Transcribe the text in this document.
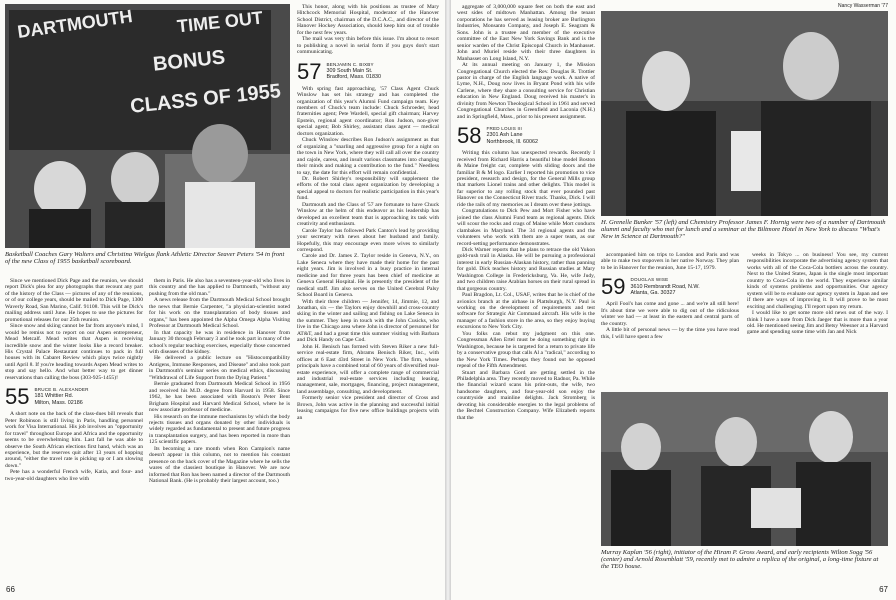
DARTMOUTH TIME OUT
BONUS
CLASS OF 1955
Basketball Coaches Gary Walters and Christina Wielgus flank Athletic Director Seaver Peters '54 in front of the new Class of 1955 basketball scoreboard.

Since we mentioned Dick Page and the reunion, we should report Dick's plea for any photographs that recount any part of the history of the Class — pictures of any of the reunions, or of our college years, should be mailed to Dick Page, 1300 Waverly Road, San Marino, Calif. 91108. This will be Dick's mailing address until June. He hopes to use the pictures for promotional releases for our 25th reunion.

Since snow and skiing cannot be far from anyone's mind, I would be remiss not to report on our Aspen entrepreneur, Mead Metcalf. Mead writes that Aspen is receiving incredible snow and the winter looks like a record breaker. His Crystal Palace Restaurant continues to pack in full houses with its Cabaret Review which plays twice nightly until April 8. If you're heading towards Aspen Mead writes to stop and say hello. And what better way to get dinner reservations than calling the boss (303-925-1455)!

55 BRUCE B. ALEXANDER
181 Whittier Rd.
Milton, Mass. 02186

A short note on the back of the class-dues bill reveals that Peter Robinson is still living in Paris, handling personnel work for Visa International. His job involves an "opportunity for travel" throughout Europe and Africa and the opportunity seems to be overwhelming him. Last fall he was able to observe the South African elections first hand, which was an experience, but the reserves quit after 13 years of hopping around, "either the travel rate is picking up or I am slowing down."

Pete has a wonderful French wife, Katia, and four- and two-year-old daughters who live with

them in Paris. He also has a seventeen-year-old who lives in this country and the has applied to Dartmouth, "without any pushing from the old man."

A news release from the Dartmouth Medical School brought the news that Bernie Carpenter, "a physician-scientist noted for his work on the transplantation of body tissues and organs," has been appointed the Alpha Omega Alpha Visiting Professor at Dartmouth Medical School.

In that capacity he was in residence in Hanover from January 30 through February 3 and he took part in many of the school's regular teaching exercises, especially those concerned with diseases of the kidney.

He delivered a public lecture on "Histocompatibility Antigens, Immune Responses, and Disease" and also took part in Dartmouth's seminar series on medical ethics, discussing "Withdrawal of Life Support from the Dying Patient."

Bernie graduated from Dartmouth Medical School in 1956 and received his M.D. degree from Harvard in 1958. Since 1962, he has been associated with Boston's Peter Bent Brigham Hospital and Harvard Medical School, where he is now associate professor of medicine.

His research on the immune mechanisms by which the body rejects tissues and organs donated by other individuals is widely regarded as fundamental to present and future progress in transplantation surgery, and has been reported in more than 125 scientific papers.

Its becoming a rare month when Ron Campion's name doesn't appear in this column, not to mention his constant presence on the back cover of the Magazine where he sells the wares of the classiest boutique in Hanover. We are now informed that Ron has been named a director of the Dartmouth National Bank. (He is probably their largest account, too.)

This honor, along with his positions as trustee of Mary Hitchcock Memorial Hospital, moderator of the Hanover School District, chairman of the D.C.A.C., and director of the Hanover Hockey Association, should keep him out of trouble for the next few years.

The mail was very thin before this issue. I'm about to resort to publishing a novel in serial form if you guys don't start communicating.

57 BENJAMIN C. BIXBY
309 South Main St.
Bradford, Mass. 01830

With spring fast approaching, '57 Class Agent Chuck Winslow has set his strategy and has completed the organization of this year's Alumni Fund campaign team. Key members of Chuck's team include: Chuck Schroeder, head fraternities agent; Pete Wardell, special gift chairman; Harvey Epstein, regional agent coordinator; Ron Judson, non-giver special agent; Bob Shirley, assistant class agent — medical doctors organization.

Chuck Winslow describes Ron Judson's assignment as that of organizing a "snarling and aggressive group for a night on the town in New York, where they will call all over the country and cajole, caress, and insult various classmates into changing their minds and making a contribution to the fund." Needless to say, the date for this effort will remain confidential.

Dr. Robert Shirley's responsibility will supplement the efforts of the total class agent organization by developing a special appeal to doctors for realistic participation in this year's fund.

Dartmouth and the Class of '57 are fortunate to have Chuck Winslow at the helm of this endeavor as his leadership has developed an excellent team that is approaching its task with creativity and enthusiasm.

Carole Taylor has followed Park Canton's lead by providing your secretary with news about her husband and family. Hopefully, this may encourage even more wives to similarly correspond.

Carole and Dr. James Z. Taylor reside in Geneva, N.Y., on Lake Seneca where they have made their home for the past eight years. Jim is involved in a busy practice in internal medicine and for three years has been chief of medicine at Geneva General Hospital. He is presently the president of the medical staff. Jim also serves on the United Cerebral Palsy School Board in Geneva.

With their three children — Jennifer, 14, Jimmie, 12, and Jonathan, six — the Taylors enjoy downhill and cross-country skiing in the winter and sailing and fishing on Lake Seneca in the summer. They keep in touch with the John Cusicks, who live in the Chicago area where John is director of personnel for AT&T, and had a great time this summer visiting with Barbara and Dick Handy on Cape Cod.

John H. Benisch has formed with Steven Riker a new full-service real-estate firm, Abrams Benisch Riker, Inc., with offices at 6 East 43rd Street in New York. The firm, whose principals have a combined total of 60 years of diversified real-estate experience, will offer a complete range of commercial and industrial real-estate services including leasing, management, sale, mortgages, financing, project management, land assemblage, consulting, and development.

Formerly senior vice president and director of Cross and Brown, John was active in the planning and successful initial leasing campaigns for five new office buildings projects with an

66
Nancy Wasserman '77

aggregate of 3,000,000 square feet on both the east and west sides of midtown Manhattan. Among the tenant corporations he has served as leasing broker are Burlington Industries, Monsanto Company, and Joseph E. Seagram & Sons. John is a trustee and member of the executive committee of the East New York Savings Bank and is the senior warden of the Christ Episcopal Church in Manhasset. John and Muriel reside with their three daughters in Manhasset on Long Island, N.Y.

At its annual meeting on January 1, the Mission Congregational Church elected the Rev. Douglas R. Trottier pastor in charge of the English language work. A native of Lyme, N.H., Doug now lives in Bryant Pond with his wife Carlene, where they share a consulting service for Christian education in New England. Doug received his master's in divinity from Newton Theological School in 1961 and served Congregational Churches in Greenfield and Laconia (N.H.) and in Springfield, Mass., prior to his present assignment.

58 FRED LOUIS III
2301 Ash Lane
Northbrook, Ill. 60062

Writing this column has unexpected rewards. Recently I received from Richard Harris a beautiful blue model Boston & Maine freight car, complete with sliding doors and the familiar B & M logo. Earlier I reported his promotion to vice president, research and design, for the General Mills group that markets Lionel trains and other delights. This model is far superior to any rolling stock that ever pounded past Hanover on the Connecticut River track. Thanks, Dick. I will ride the rails of my memories as I dream over these jottings.

Congratulations to Dick Pew and Mort Fisher who have joined the class Alumni Fund team as regional agents. Dick will scour the rocks and crags of Maine while Mort conducts clambakes in Maryland. The 34 regional agents and the volunteers who work with them are a super team, as our record-setting performance demonstrates.

Dick Warner reports that he plans to retrace the old Yukon gold-rush trail in Alaska. He will be pursuing a professional interest in early Russian-Alaskan history, rather than panning for gold. Dick teaches history and Russian studies at Mary Washington College in Fredericksburg, Va. He, wife Judy, and two children raise Arabian horses on their rural spread in that gorgeous country.

Paul Bragdon, Lt. Col., USAF, writes that he is chief of the avionics branch at the airbase in Plattsburgh, N.Y. Paul is working on the development of requirements and test software for Strategic Air Command aircraft. His wife is the manager of a fashion store in the area, so they enjoy buying excursions to New York City.

You folks can rebut my judgment on this one. Congressman Allen Ertel must be doing something right in Washington, because he is targeted for a return to private life by a conservative group that calls Al a "radical," according to the New York Times. Perhaps they found out he opposed repeal of the Fifth Amendment.

Stuart and Barbara Gord are getting settled in the Philadelphia area. They recently moved to Radnor, Pa. While the financial wizard scans his print-outs, the wife, two handsome daughters, and four-year-old son enjoy the countryside and mainline delights. Jack Stromberg is devoting his considerable energies to the legal problems of the Bechtel Construction Company. Wife Elizabeth reports that the

H. Grenelle Bunker '57 (left) and Chemistry Professor James F. Hornig were two of a number of Dartmouth alumni and faculty who met for lunch and a seminar at the Biltmore Hotel in New York to discuss "What's New in Science at Dartmouth?"

accompanied him on trips to London and Paris and was able to make two stopovers in her native Norway. They plan to be in Hanover for the reunion, June 15-17, 1979.

59 DOUGLAS WISE
3610 Rembrandt Road, N.W.
Atlanta, Ga. 30327

April Fool's has come and gone ... and we're all still here! It's about time we were able to dig out of the ridiculous winter we had — at least in the eastern and central parts of the country.

A little bit of personal news — by the time you have read this, I will have spent a few

weeks in Tokyo ... on business! You see, my current responsibilities incorporate the advertising agency system that works with all of the Coca-Cola bottlers across the country. Next to the United States, Japan is the single most important country to Coca-Cola in the world. They experience similar kinds of systems problems and opportunities. Our agency system will be to evaluate our agency system in Japan and see if there are ways of improving it. It will prove to be most exciting and challenging. I'll report upon my return.

I would like to get some more old news out of the way. I think I have a note from Dick Jaeger that is more than a year old. He mentioned seeing Jim and Betsy Weesner at a Harvard game and spending some time with Jan and Nick

Murray Kaplan '56 (right), initiator of the Hiram P. Gross Award, and early recipients Wilton Sogg '56 (center) and Arnold Rosenblatt '59, recently met to admire a replica of the original, a long-time fixture at the TEO house.
67
